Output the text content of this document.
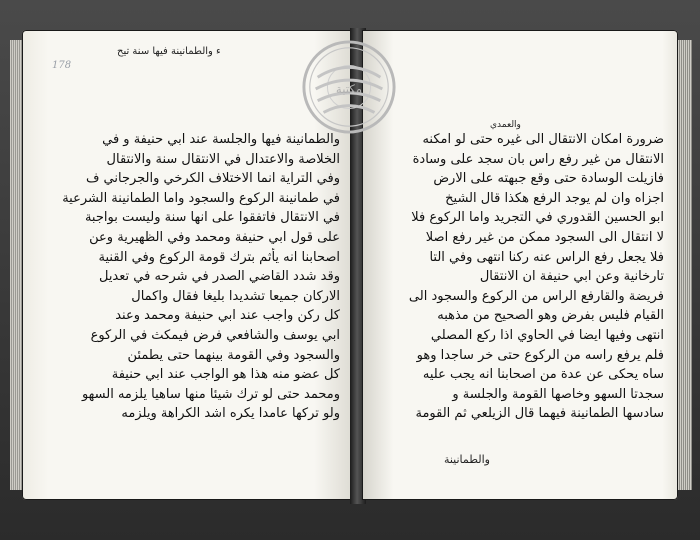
178
ء والطمانينة فيها سنة تيح
والطمانينة فيها والجلسة عند ابي حنيفة و في
الخلاصة والاعتدال في الانتقال سنة والانتقال
وفي التراية انما الاختلاف الكرخي والجرجاني ف
في طمانينة الركوع والسجود واما الطمانينة الشرعية
في الانتقال فاتفقوا على انها سنة وليست بواجبة
على قول ابي حنيفة ومحمد وفي الظهيرية وعن
اصحابنا انه يأثم بترك قومة الركوع وفي القنية
وقد شدد القاضي الصدر في شرحه في تعديل
الاركان جميعا تشديدا بليغا فقال واكمال
كل ركن واجب عند ابي حنيفة ومحمد وعند
ابي يوسف والشافعي فرض فيمكث في الركوع
والسجود وفي القومة بينهما حتى يطمئن
كل عضو منه هذا هو الواجب عند ابي حنيفة
ومحمد حتى لو ترك شيئا منها ساهيا يلزمه السهو
ولو تركها عامدا يكره اشد الكراهة ويلزمه
ضرورة امكان الانتقال الى غيره حتى لو امكنه
الانتقال من غير رفع راس بان سجد على وسادة
فازيلت الوسادة حتى وقع جبهته على الارض
اجزاه وان لم يوجد الرفع هكذا قال الشيخ
ابو الحسين القدوري في التجريد واما الركوع فلا
لا انتقال الى السجود ممكن من غير رفع اصلا
فلا يجعل رفع الراس عنه ركنا انتهى وفي التا
تارخانية وعن ابي حنيفة ان الانتقال
فريضة والقارفع الراس من الركوع والسجود الى
القيام فليس بفرض وهو الصحيح من مذهبه
انتهى وفيها ايضا في الحاوي اذا ركع المصلي
فلم يرفع راسه من الركوع حتى خر ساجدا وهو
ساه يحكى عن عدة من اصحابنا انه يجب عليه
سجدتا السهو وخاصها القومة والجلسة و
سادسها الطمانينة فيهما قال الزيلعي ثم القومة
والعمدي
والطمانينة
مكتبة
